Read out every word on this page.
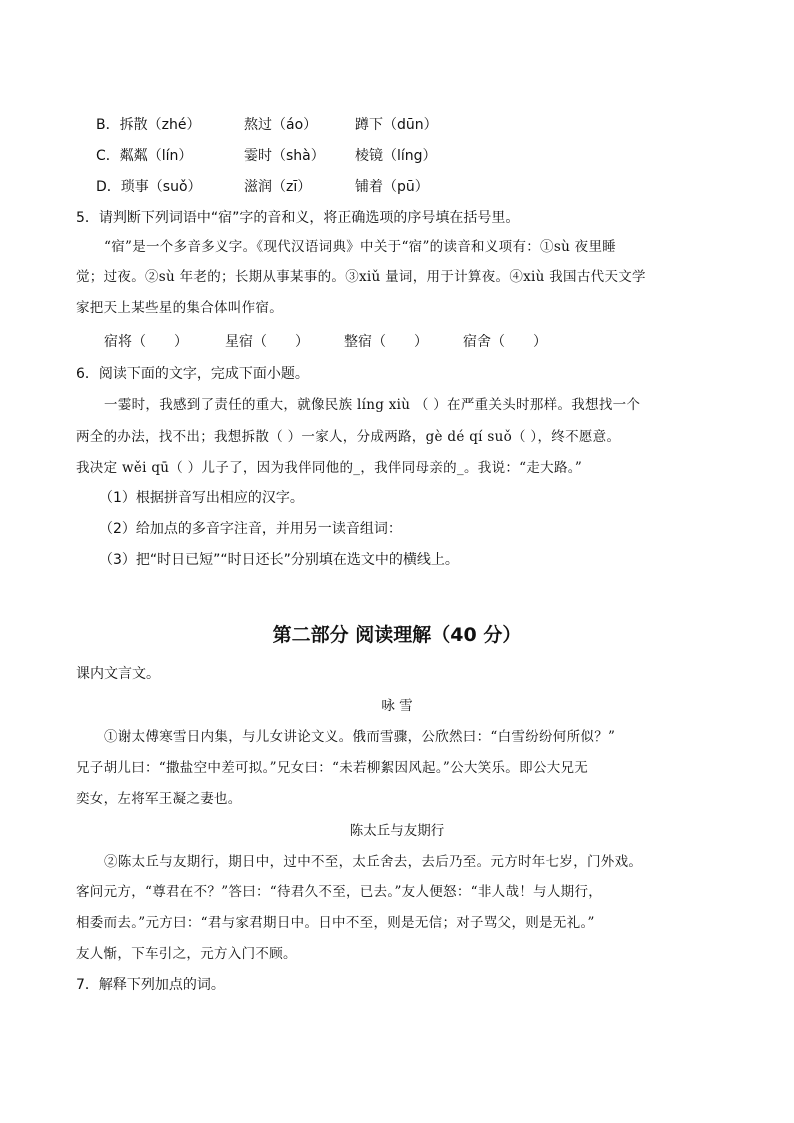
B．拆散（zhé）	熬过（áo）	蹲下（dūn）
C．粼粼（lín）	霎时（shà） 棱镜（líng）
D．琐事（suǒ）	滋润（zī）	铺着（pū）
5．请判断下列词语中“宿”字的音和义，将正确选项的序号填在括号里。
“宿”是一个多音多义字。《现代汉语词典》中关于“宿”的读音和义项有：①sù 夜里睡
觉；过夜。②sù 年老的；长期从事某事的。③xiǔ 量词，用于计算夜。④xiù 我国古代天文学
家把天上某些星的集合体叫作宿。
宿将（　　）	星宿（　　）	整宿（　　）	宿舍（　　）
6．阅读下面的文字，完成下面小题。
一霎时，我感到了责任的重大，就像民族 líng xiù （ ）在严重关头时那样。我想找一个
两全的办法，找不出；我想拆散（ ）一家人，分成两路，gè dé qí suǒ（ ），终不愿意。
我决定 wěi qū（ ）儿子了，因为我伴同他的_，我伴同母亲的_。我说：“走大路。”
（1）根据拼音写出相应的汉字。
（2）给加点的多音字注音，并用另一读音组词：
（3）把“时日已短”“时日还长”分别填在选文中的横线上。
第二部分 阅读理解（40 分）
课内文言文。
咏 雪
①谢太傅寒雪日内集，与儿女讲论文义。俄而雪骤，公欣然曰：“白雪纷纷何所似？”
兄子胡儿曰：“撒盐空中差可拟。”兄女曰：“未若柳絮因风起。”公大笑乐。即公大兄无
奕女，左将军王凝之妻也。
陈太丘与友期行
②陈太丘与友期行，期日中，过中不至，太丘舍去，去后乃至。元方时年七岁，门外戏。
客问元方，“尊君在不？”答曰：“待君久不至，已去。”友人便怒：“非人哉！与人期行，
相委而去。”元方曰：“君与家君期日中。日中不至，则是无信；对子骂父，则是无礼。”
友人惭，下车引之，元方入门不顾。
7．解释下列加点的词。
